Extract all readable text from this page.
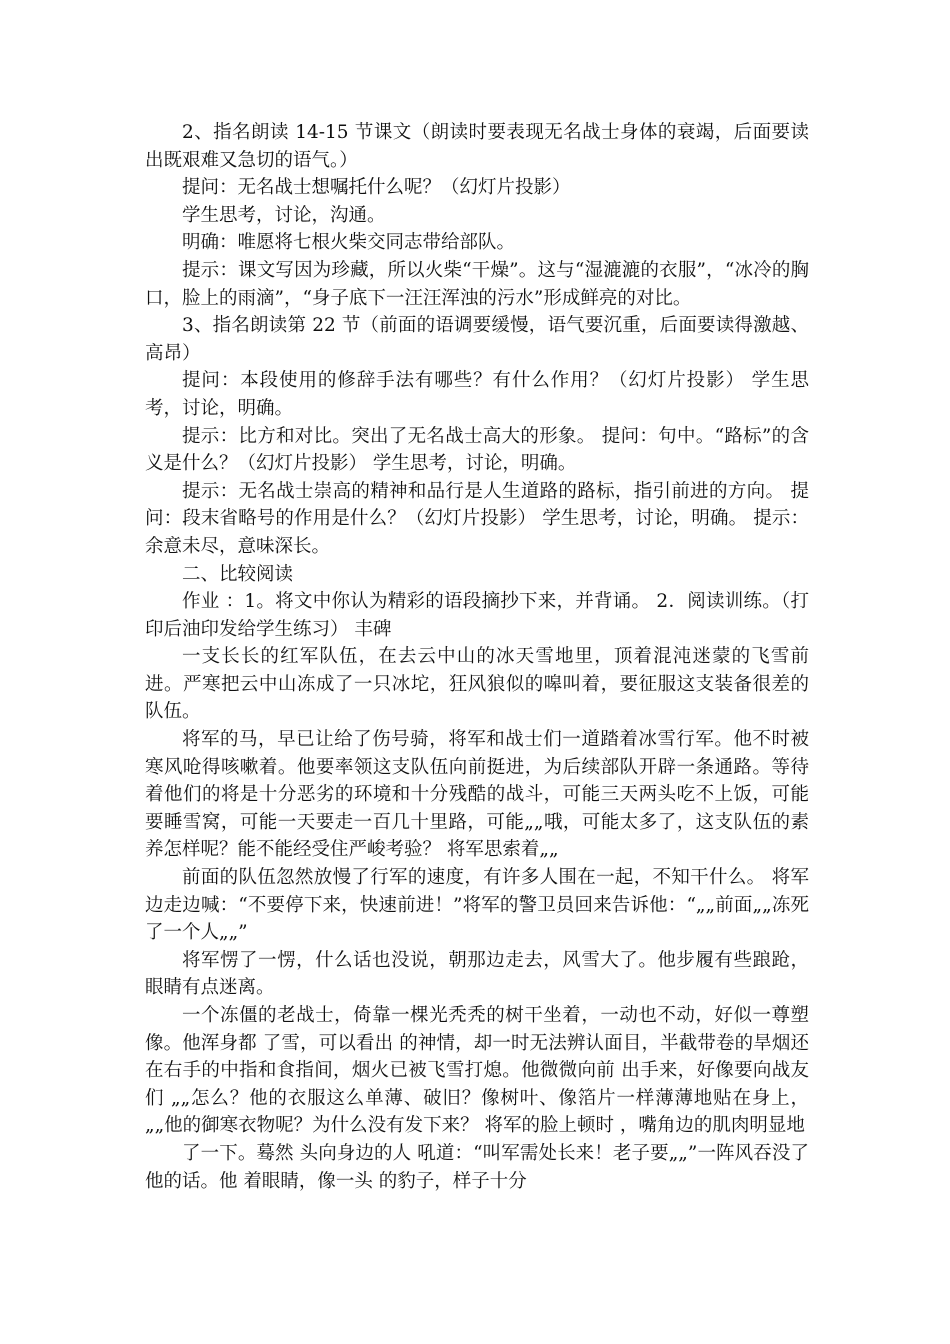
2、指名朗读 14-15 节课文（朗读时要表现无名战士身体的衰竭，后面要读出既艰难又急切的语气。）

提问：无名战士想嘱托什么呢？（幻灯片投影）

学生思考，讨论，沟通。

明确：唯愿将七根火柴交同志带给部队。

提示：课文写因为珍藏，所以火柴“干燥”。这与“湿漉漉的衣服”，“冰冷的胸口，脸上的雨滴”，“身子底下一汪汪浑浊的污水”形成鲜亮的对比。

3、指名朗读第 22 节（前面的语调要缓慢，语气要沉重，后面要读得激越、高昂）

提问：本段使用的修辞手法有哪些？有什么作用？（幻灯片投影） 学生思考，讨论，明确。

提示：比方和对比。突出了无名战士高大的形象。 提问：句中。“路标”的含义是什么？（幻灯片投影） 学生思考，讨论，明确。

提示：无名战士崇高的精神和品行是人生道路的路标，指引前进的方向。 提问：段末省略号的作用是什么？（幻灯片投影） 学生思考，讨论，明确。 提示：余意未尽，意味深长。

二、比较阅读

作业 ：1。将文中你认为精彩的语段摘抄下来，并背诵。 2．阅读训练。（打印后油印发给学生练习） 丰碑

一支长长的红军队伍，在去云中山的冰天雪地里，顶着混沌迷蒙的飞雪前进。严寒把云中山冻成了一只冰坨，狂风狼似的嗥叫着，要征服这支装备很差的队伍。

将军的马，早已让给了伤号骑，将军和战士们一道踏着冰雪行军。他不时被寒风呛得咳嗽着。他要率领这支队伍向前挺进，为后续部队开辟一条通路。等待着他们的将是十分恶劣的环境和十分残酷的战斗，可能三天两头吃不上饭，可能要睡雪窝，可能一天要走一百几十里路，可能„„哦，可能太多了，这支队伍的素养怎样呢？能不能经受住严峻考验？ 将军思索着„„

前面的队伍忽然放慢了行军的速度，有许多人围在一起，不知干什么。 将军边走边喊：“不要停下来，快速前进！”将军的警卫员回来告诉他：“„„前面„„冻死了一个人„„”

将军愣了一愣，什么话也没说，朝那边走去，风雪大了。他步履有些踉跄，眼睛有点迷离。

一个冻僵的老战士，倚靠一棵光秃秃的树干坐着，一动也不动，好似一尊塑像。他浑身都 了雪，可以看出 的神情，却一时无法辨认面目，半截带卷的旱烟还 在右手的中指和食指间，烟火已被飞雪打熄。他微微向前 出手来，好像要向战友们 „„怎么？他的衣服这么单薄、破旧？像树叶、像箔片一样薄薄地贴在身上，„„他的御寒衣物呢？为什么没有发下来？ 将军的脸上顿时 ，嘴角边的肌肉明显地

了一下。蓦然 头向身边的人 吼道：“叫军需处长来！老子要„„”一阵风吞没了他的话。他 着眼睛，像一头 的豹子，样子十分
